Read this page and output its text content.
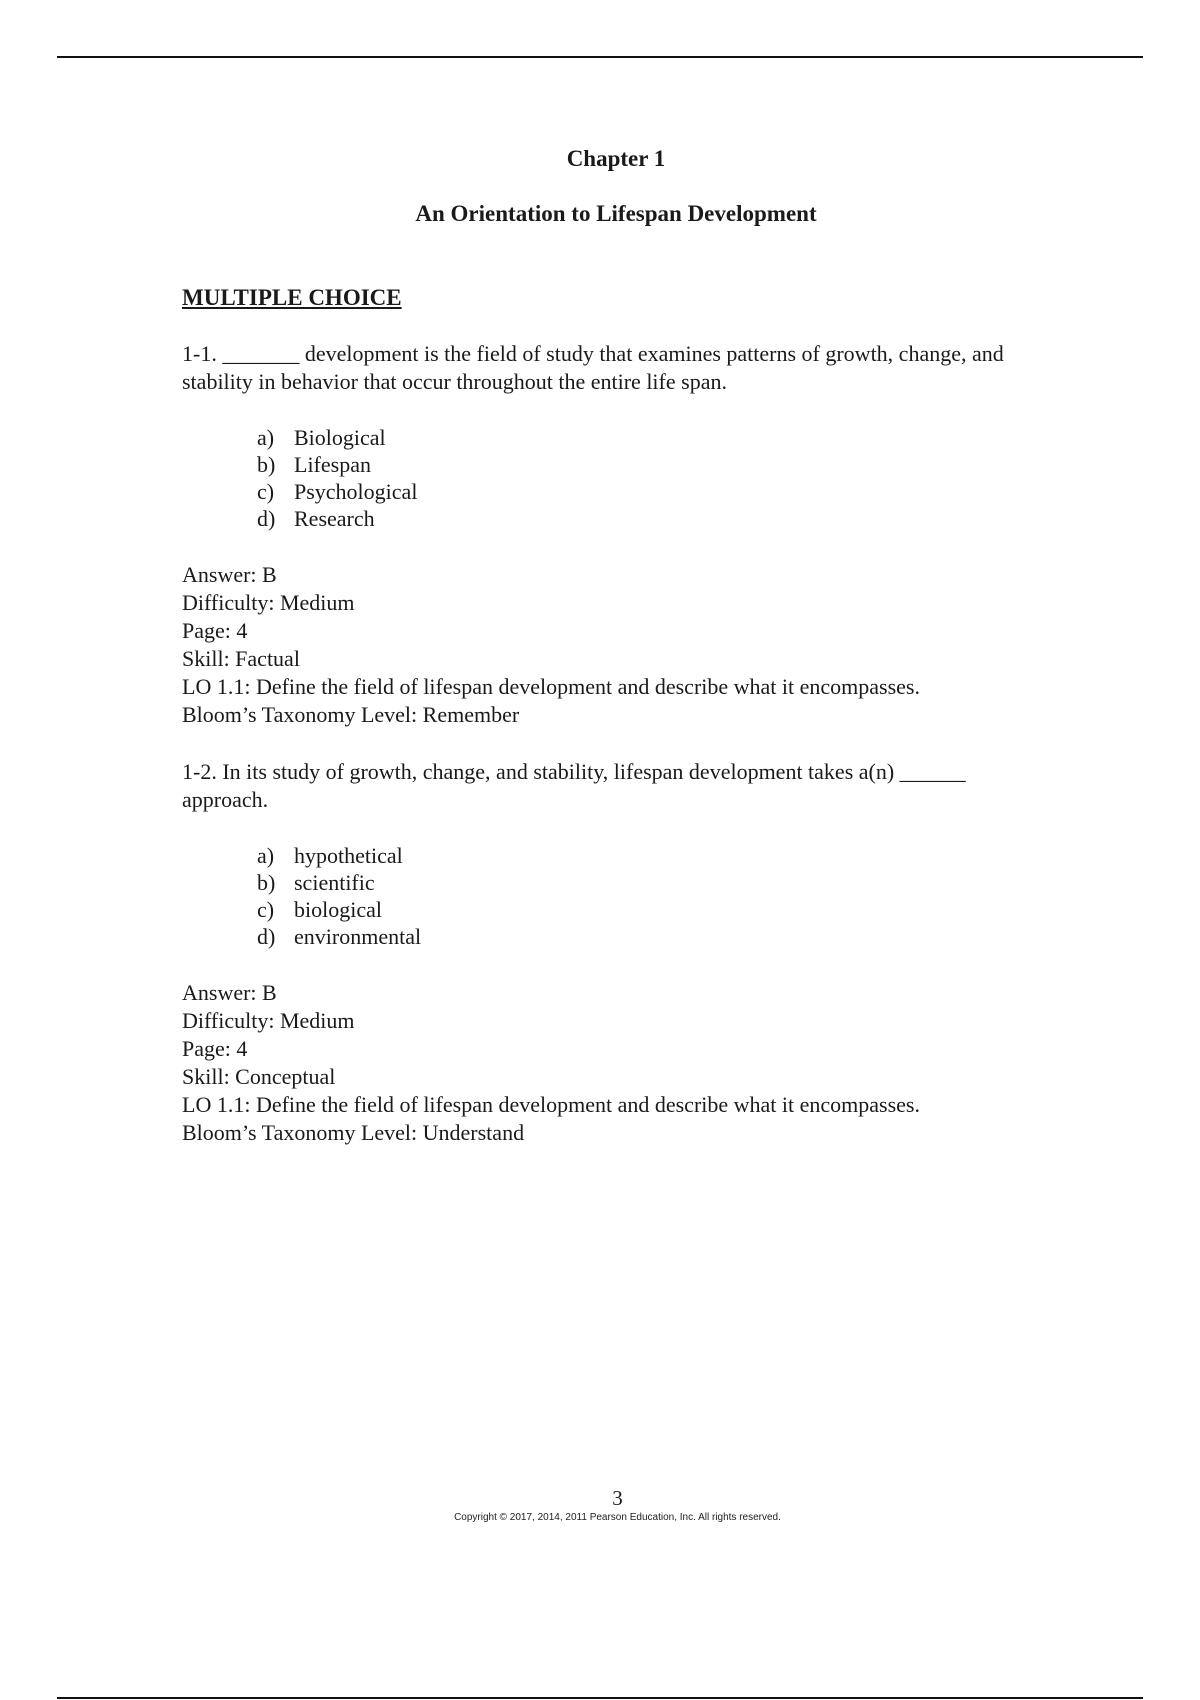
Chapter 1
An Orientation to Lifespan Development
MULTIPLE CHOICE

1-1. _______ development is the field of study that examines patterns of growth, change, and stability in behavior that occur throughout the entire life span.

a) Biological
b) Lifespan
c) Psychological
d) Research
Answer: B
Difficulty: Medium
Page: 4
Skill: Factual
LO 1.1: Define the field of lifespan development and describe what it encompasses.
Bloom’s Taxonomy Level: Remember

1-2. In its study of growth, change, and stability, lifespan development takes a(n) ______ approach.

a) hypothetical
b) scientific
c) biological
d) environmental
Answer: B
Difficulty: Medium
Page: 4
Skill: Conceptual
LO 1.1: Define the field of lifespan development and describe what it encompasses.
Bloom’s Taxonomy Level: Understand
3
Copyright © 2017, 2014, 2011 Pearson Education, Inc. All rights reserved.
